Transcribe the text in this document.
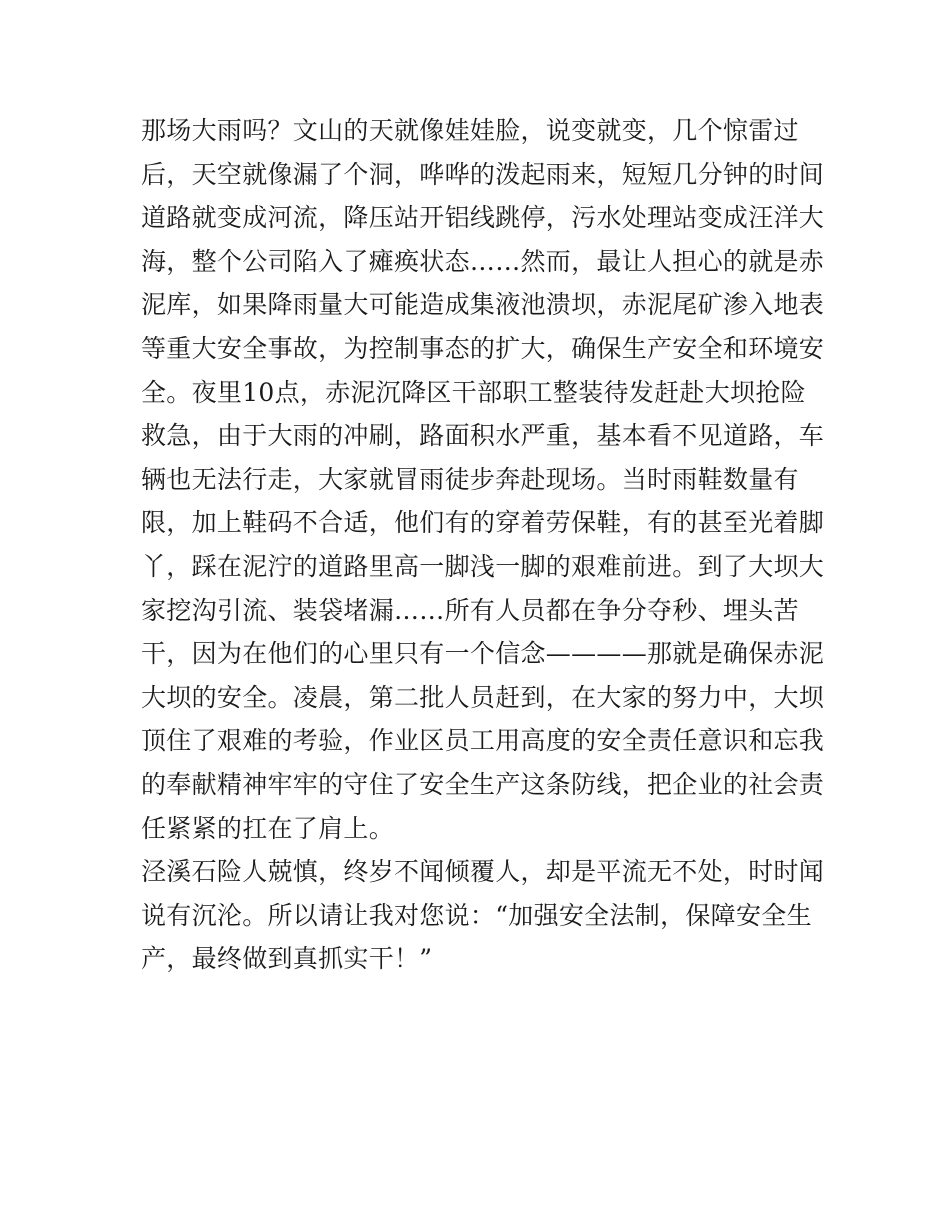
那场大雨吗？文山的天就像娃娃脸，说变就变，几个惊雷过
后，天空就像漏了个洞，哗哗的泼起雨来，短短几分钟的时间
道路就变成河流，降压站开铝线跳停，污水处理站变成汪洋大
海，整个公司陷入了瘫痪状态……然而，最让人担心的就是赤
泥库，如果降雨量大可能造成集液池溃坝，赤泥尾矿渗入地表
等重大安全事故，为控制事态的扩大，确保生产安全和环境安
全。夜里10点，赤泥沉降区干部职工整装待发赶赴大坝抢险
救急，由于大雨的冲刷，路面积水严重，基本看不见道路，车
辆也无法行走，大家就冒雨徒步奔赴现场。当时雨鞋数量有
限，加上鞋码不合适，他们有的穿着劳保鞋，有的甚至光着脚
丫，踩在泥泞的道路里高一脚浅一脚的艰难前进。到了大坝大
家挖沟引流、装袋堵漏……所有人员都在争分夺秒、埋头苦
干，因为在他们的心里只有一个信念————那就是确保赤泥
大坝的安全。凌晨，第二批人员赶到，在大家的努力中，大坝
顶住了艰难的考验，作业区员工用高度的安全责任意识和忘我
的奉献精神牢牢的守住了安全生产这条防线，把企业的社会责
任紧紧的扛在了肩上。
泾溪石险人兢慎，终岁不闻倾覆人，却是平流无不处，时时闻
说有沉沦。所以请让我对您说：“加强安全法制，保障安全生
产，最终做到真抓实干！”
